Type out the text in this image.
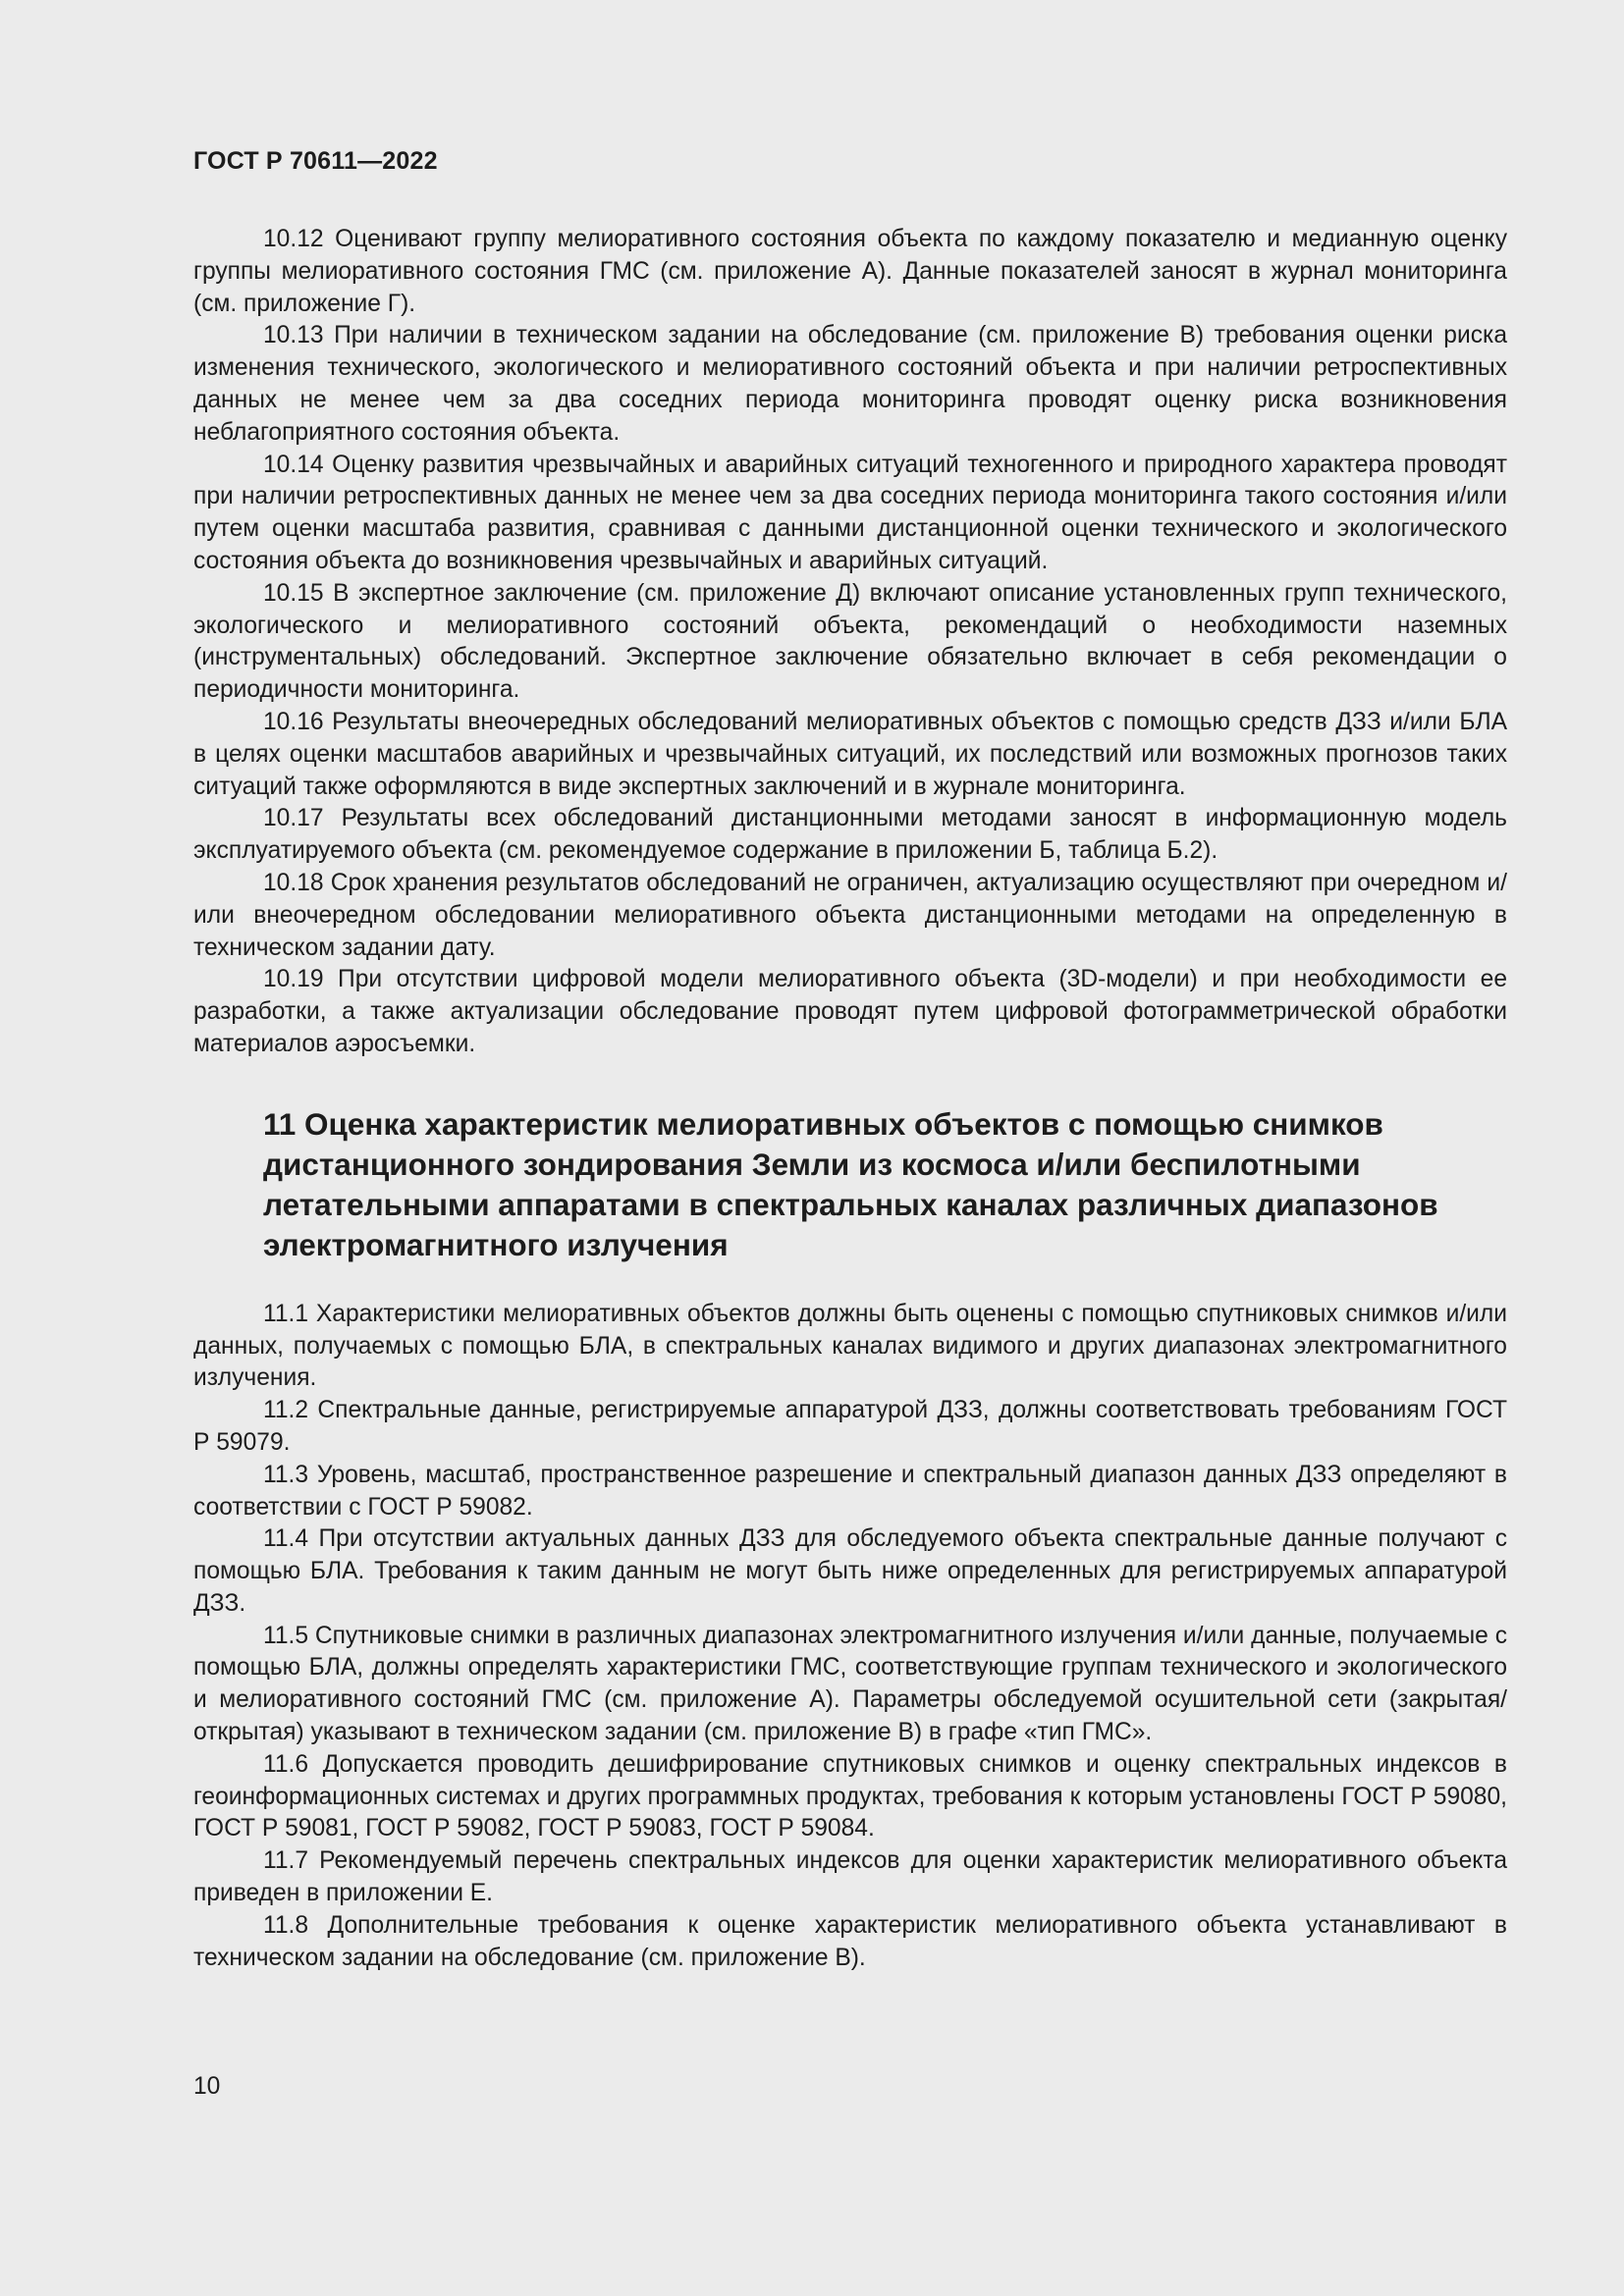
ГОСТ Р 70611—2022

10.12 Оценивают группу мелиоративного состояния объекта по каждому показателю и медианную оценку группы мелиоративного состояния ГМС (см. приложение А). Данные показателей заносят в журнал мониторинга (см. приложение Г).

10.13 При наличии в техническом задании на обследование (см. приложение В) требования оценки риска изменения технического, экологического и мелиоративного состояний объекта и при наличии ретроспективных данных не менее чем за два соседних периода мониторинга проводят оценку риска возникновения неблагоприятного состояния объекта.

10.14 Оценку развития чрезвычайных и аварийных ситуаций техногенного и природного характера проводят при наличии ретроспективных данных не менее чем за два соседних периода мониторинга такого состояния и/или путем оценки масштаба развития, сравнивая с данными дистанционной оценки технического и экологического состояния объекта до возникновения чрезвычайных и аварийных ситуаций.

10.15 В экспертное заключение (см. приложение Д) включают описание установленных групп технического, экологического и мелиоративного состояний объекта, рекомендаций о необходимости наземных (инструментальных) обследований. Экспертное заключение обязательно включает в себя рекомендации о периодичности мониторинга.

10.16 Результаты внеочередных обследований мелиоративных объектов с помощью средств ДЗЗ и/или БЛА в целях оценки масштабов аварийных и чрезвычайных ситуаций, их последствий или возможных прогнозов таких ситуаций также оформляются в виде экспертных заключений и в журнале мониторинга.

10.17 Результаты всех обследований дистанционными методами заносят в информационную модель эксплуатируемого объекта (см. рекомендуемое содержание в приложении Б, таблица Б.2).

10.18 Срок хранения результатов обследований не ограничен, актуализацию осуществляют при очередном и/или внеочередном обследовании мелиоративного объекта дистанционными методами на определенную в техническом задании дату.

10.19 При отсутствии цифровой модели мелиоративного объекта (3D-модели) и при необходимости ее разработки, а также актуализации обследование проводят путем цифровой фотограмметрической обработки материалов аэросъемки.

11 Оценка характеристик мелиоративных объектов с помощью снимков дистанционного зондирования Земли из космоса и/или беспилотными летательными аппаратами в спектральных каналах различных диапазонов электромагнитного излучения

11.1 Характеристики мелиоративных объектов должны быть оценены с помощью спутниковых снимков и/или данных, получаемых с помощью БЛА, в спектральных каналах видимого и других диапазонах электромагнитного излучения.

11.2 Спектральные данные, регистрируемые аппаратурой ДЗЗ, должны соответствовать требованиям ГОСТ Р 59079.

11.3 Уровень, масштаб, пространственное разрешение и спектральный диапазон данных ДЗЗ определяют в соответствии с ГОСТ Р 59082.

11.4 При отсутствии актуальных данных ДЗЗ для обследуемого объекта спектральные данные получают с помощью БЛА. Требования к таким данным не могут быть ниже определенных для регистрируемых аппаратурой ДЗЗ.

11.5 Спутниковые снимки в различных диапазонах электромагнитного излучения и/или данные, получаемые с помощью БЛА, должны определять характеристики ГМС, соответствующие группам технического и экологического и мелиоративного состояний ГМС (см. приложение А). Параметры обследуемой осушительной сети (закрытая/открытая) указывают в техническом задании (см. приложение В) в графе «тип ГМС».

11.6 Допускается проводить дешифрирование спутниковых снимков и оценку спектральных индексов в геоинформационных системах и других программных продуктах, требования к которым установлены ГОСТ Р 59080, ГОСТ Р 59081, ГОСТ Р 59082, ГОСТ Р 59083, ГОСТ Р 59084.

11.7 Рекомендуемый перечень спектральных индексов для оценки характеристик мелиоративного объекта приведен в приложении Е.

11.8 Дополнительные требования к оценке характеристик мелиоративного объекта устанавливают в техническом задании на обследование (см. приложение В).

10
